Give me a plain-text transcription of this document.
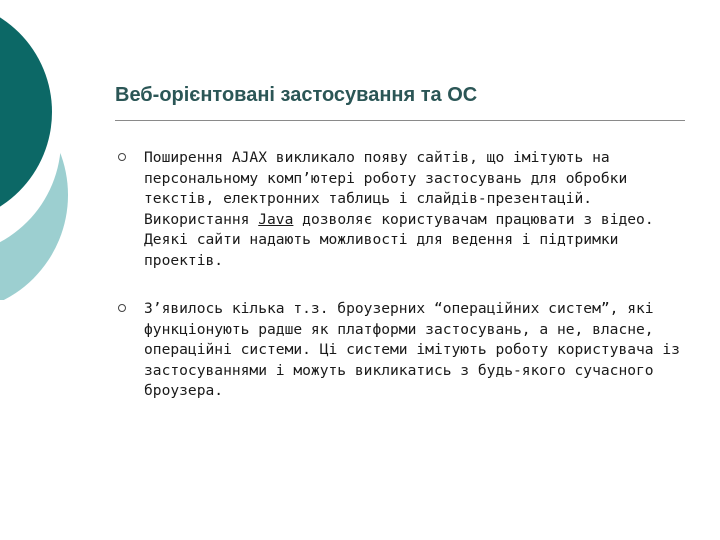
Веб-орієнтовані застосування та ОС
Поширення AJAX викликало появу сайтів, що імітують на персональному комп’ютері роботу застосувань для обробки текстів, електронних таблиць і слайдів-презентацій. Використання Java дозволяє користувачам працювати з відео. Деякі сайти надають можливості для ведення і підтримки проектів.
З’явилось кілька т.з. броузерних “операційних систем”, які функціонують радше як платформи застосувань, а не, власне, операційні системи. Ці системи імітують роботу користувача із застосуваннями і можуть викликатись з будь-якого сучасного броузера.
